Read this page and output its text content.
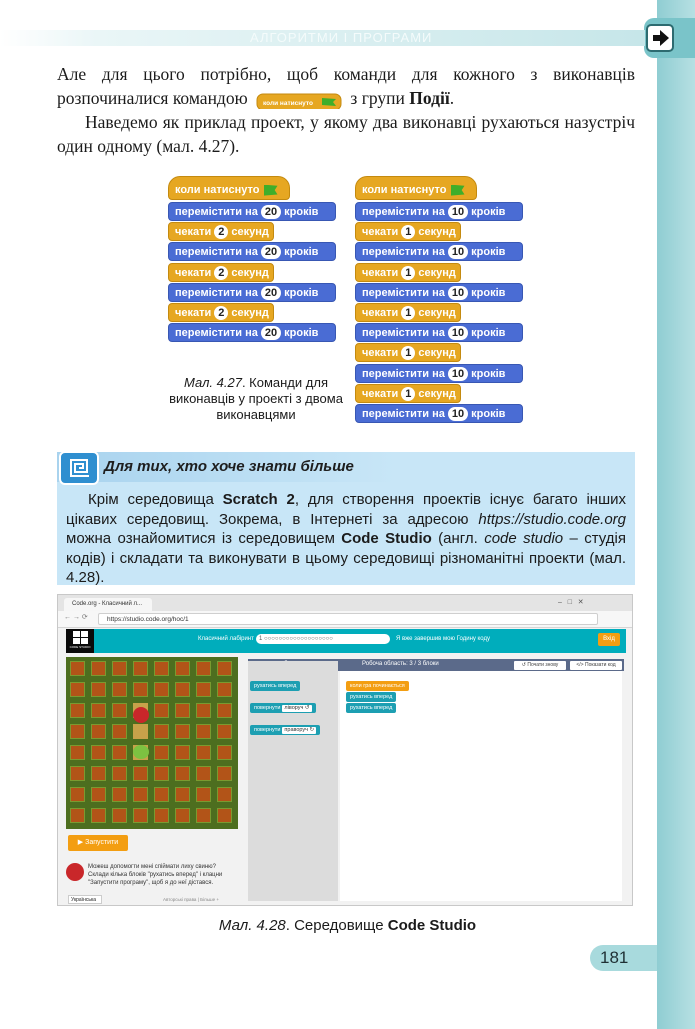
АЛГОРИТМИ І ПРОГРАМИ
Але для цього потрібно, щоб команди для кожного з виконавців розпочиналися командою коли натиснуто з групи Події.
Наведемо як приклад проект, у якому два виконавці рухаються назустріч один одному (мал. 4.27).
коли натиснуто
перемістити на 20 кроків
чекати 2 секунд
перемістити на 20 кроків
чекати 2 секунд
перемістити на 20 кроків
чекати 2 секунд
перемістити на 20 кроків
коли натиснуто
перемістити на 10 кроків
чекати 1 секунд
перемістити на 10 кроків
чекати 1 секунд
перемістити на 10 кроків
чекати 1 секунд
перемістити на 10 кроків
чекати 1 секунд
перемістити на 10 кроків
чекати 1 секунд
перемістити на 10 кроків
Мал. 4.27. Команди для виконавців у проекті з двома виконавцями
Для тих, хто хоче знати більше
Крім середовища Scratch 2, для створення проектів існує багато інших цікавих середовищ. Зокрема, в Інтернеті за адресою https://studio.code.org можна ознайомитися із середовищем Code Studio (англ. code studio – студія кодів) і складати та виконувати в цьому середовищі різноманітні проекти (мал. 4.28).
Code.org - Класичний л...	–   □   ✕
← → ⟳	https://studio.code.org/hoc/1
CODE STUDIO
Класичний лабіринт 1 ○○○○○○○○○○○○○○○○○○○	Я вже завершив мою Годину коду	Вхід
▶ Запустити
Можеш допомогти мені спіймати лиху свиню? Склади кілька блоків "рухатись вперед" і клацни "Запустити програму", щоб я до неї дістався.
Українська	Авторські права | Більше +
Робоча область: 3 / 3 блоки	↺ Почати знову	</> Показати код
рухатись вперед
повернути ліворуч ↺
повернути праворуч ↻
коли гра починається
рухатись вперед
рухатись вперед
Мал. 4.28. Середовище Code Studio
181
